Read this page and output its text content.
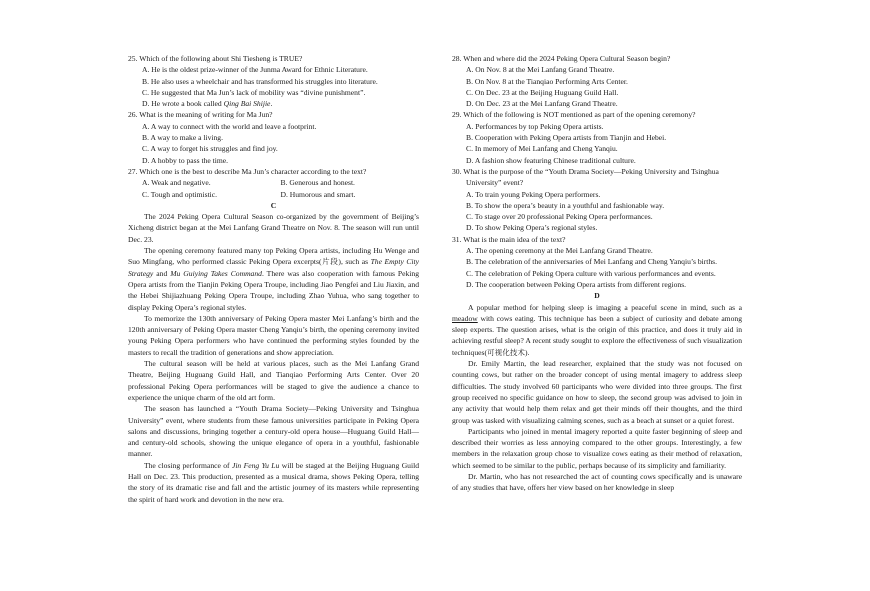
25. Which of the following about Shi Tiesheng is TRUE?

A. He is the oldest prize-winner of the Junma Award for Ethnic Literature.

B. He also uses a wheelchair and has transformed his struggles into literature.

C. He suggested that Ma Jun’s lack of mobility was “divine punishment”.

D. He wrote a book called Qing Bai Shijie.

26. What is the meaning of writing for Ma Jun?

A. A way to connect with the world and leave a footprint.

B. A way to make a living.

C. A way to forget his struggles and find joy.

D. A hobby to pass the time.

27. Which one is the best to describe Ma Jun’s character according to the text?

A. Weak and negative.	B. Generous and honest.
C. Tough and optimistic.	D. Humorous and smart.

C

The 2024 Peking Opera Cultural Season co-organized by the government of Beijing’s Xicheng district began at the Mei Lanfang Grand Theatre on Nov. 8. The season will run until Dec. 23.

The opening ceremony featured many top Peking Opera artists, including Hu Wenge and Suo Mingfang, who performed classic Peking Opera excerpts(片段), such as The Empty City Strategy and Mu Guiying Takes Command. There was also cooperation with famous Peking Opera artists from the Tianjin Peking Opera Troupe, including Jiao Pengfei and Liu Jiaxin, and the Hebei Shijiazhuang Peking Opera Troupe, including Zhao Yuhua, who sang together to display Peking Opera’s regional styles.

To memorize the 130th anniversary of Peking Opera master Mei Lanfang’s birth and the 120th anniversary of Peking Opera master Cheng Yanqiu’s birth, the opening ceremony invited young Peking Opera performers who have continued the performing styles founded by the masters to recall the tradition of generations and show appreciation.

The cultural season will be held at various places, such as the Mei Lanfang Grand Theatre, Beijing Huguang Guild Hall, and Tianqiao Performing Arts Center. Over 20 professional Peking Opera performances will be staged to give the audience a chance to experience the unique charm of the old art form.

The season has launched a “Youth Drama Society—Peking University and Tsinghua University” event, where students from these famous universities participate in Peking Opera salons and discussions, bringing together a century-old opera house—Huguang Guild Hall—and century-old schools, showing the unique elegance of opera in a youthful, fashionable manner.

The closing performance of Jin Feng Yu Lu will be staged at the Beijing Huguang Guild Hall on Dec. 23. This production, presented as a musical drama, shows Peking Opera, telling the story of its dramatic rise and fall and the artistic journey of its masters while representing the spirit of hard work and devotion in the new era.

28. When and where did the 2024 Peking Opera Cultural Season begin?

A. On Nov. 8 at the Mei Lanfang Grand Theatre.

B. On Nov. 8 at the Tianqiao Performing Arts Center.

C. On Dec. 23 at the Beijing Huguang Guild Hall.

D. On Dec. 23 at the Mei Lanfang Grand Theatre.

29. Which of the following is NOT mentioned as part of the opening ceremony?

A. Performances by top Peking Opera artists.

B. Cooperation with Peking Opera artists from Tianjin and Hebei.

C. In memory of Mei Lanfang and Cheng Yanqiu.

D. A fashion show featuring Chinese traditional culture.

30. What is the purpose of the “Youth Drama Society—Peking University and Tsinghua University” event?

A. To train young Peking Opera performers.

B. To show the opera’s beauty in a youthful and fashionable way.

C. To stage over 20 professional Peking Opera performances.

D. To show Peking Opera’s regional styles.

31. What is the main idea of the text?

A. The opening ceremony at the Mei Lanfang Grand Theatre.

B. The celebration of the anniversaries of Mei Lanfang and Cheng Yanqiu’s births.

C. The celebration of Peking Opera culture with various performances and events.

D. The cooperation between Peking Opera artists from different regions.

D

A popular method for helping sleep is imaging a peaceful scene in mind, such as a meadow with cows eating. This technique has been a subject of curiosity and debate among sleep experts. The question arises, what is the origin of this practice, and does it truly aid in achieving restful sleep? A recent study sought to explore the effectiveness of such visualization techniques(可视化技术).

Dr. Emily Martin, the lead researcher, explained that the study was not focused on counting cows, but rather on the broader concept of using mental imagery to address sleep difficulties. The study involved 60 participants who were divided into three groups. The first group received no specific guidance on how to sleep, the second group was advised to join in any activity that would help them relax and get their minds off their thoughts, and the third group was tasked with visualizing calming scenes, such as a beach at sunset or a quiet forest.

Participants who joined in mental imagery reported a quite faster beginning of sleep and described their worries as less annoying compared to the other groups. Interestingly, a few members in the relaxation group chose to visualize cows eating as their method of relaxation, which seemed to be similar to the public, perhaps because of its simplicity and familiarity.

Dr. Martin, who has not researched the act of counting cows specifically and is unaware of any studies that have, offers her view based on her knowledge in sleep
